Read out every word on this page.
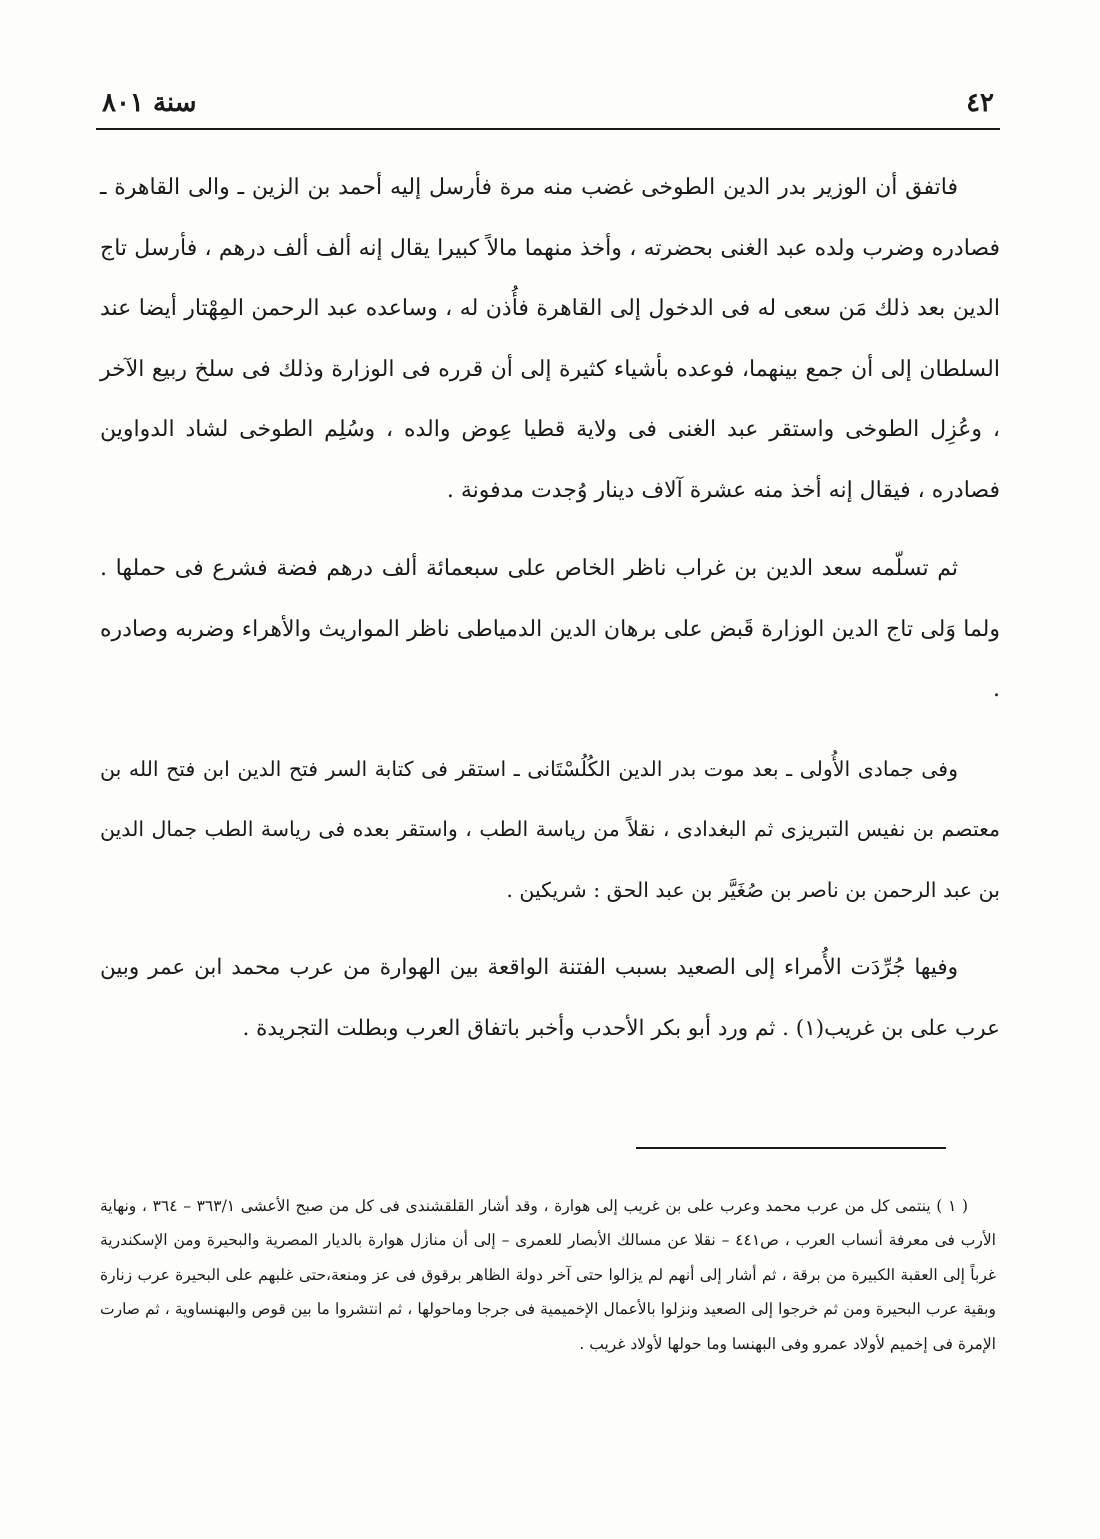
٤٢
سنة ٨٠١

فاتفق أن الوزير بدر الدين الطوخى غضب منه مرة فأرسل إليه أحمد بن الزين ـ والى القاهرة ـ فصادره وضرب ولده عبد الغنى بحضرته ، وأخذ منهما مالاً كبيرا يقال إنه ألف ألف درهم ، فأرسل تاج الدين بعد ذلك مَن سعى له فى الدخول إلى القاهرة فأُذن له ، وساعده عبد الرحمن المِهْتار أيضا عند السلطان إلى أن جمع بينهما، فوعده بأشياء كثيرة إلى أن قرره فى الوزارة وذلك فى سلخ ربيع الآخر ، وعُزِل الطوخى واستقر عبد الغنى فى ولاية قطيا عِوض والده ، وسُلِم الطوخى لشاد الدواوين فصادره ، فيقال إنه أخذ منه عشرة آلاف دينار وُجدت مدفونة .

ثم تسلّمه سعد الدين بن غراب ناظر الخاص على سبعمائة ألف درهم فضة فشرع فى حملها . ولما وَلى تاج الدين الوزارة قَبض على برهان الدين الدمياطى ناظر المواريث والأهراء وضربه وصادره .

وفى جمادى الأُولى ـ بعد موت بدر الدين الكُلُسْتَانى ـ استقر فى كتابة السر فتح الدين ابن فتح الله بن معتصم بن نفيس التبريزى ثم البغدادى ، نقلاً من رياسة الطب ، واستقر بعده فى رياسة الطب جمال الدين بن عبد الرحمن بن ناصر بن صُغَيَّر بن عبد الحق : شريكين .

وفيها جُرِّدَت الأُمراء إلى الصعيد بسبب الفتنة الواقعة بين الهوارة من عرب محمد ابن عمر وبين عرب على بن غريب(١) . ثم ورد أبو بكر الأحدب وأخبر باتفاق العرب وبطلت التجريدة .

( ١ ) ينتمى كل من عرب محمد وعرب على بن غريب إلى هوارة ، وقد أشار القلقشندى فى كل من صبح الأعشى ٣٦٣/١ – ٣٦٤ ، ونهاية الأرب فى معرفة أنساب العرب ، ص٤٤١ – نقلا عن مسالك الأبصار للعمرى – إلى أن منازل هوارة بالديار المصرية والبحيرة ومن الإسكندرية غرباً إلى العقبة الكبيرة من برقة ، ثم أشار إلى أنهم لم يزالوا حتى آخر دولة الظاهر برقوق فى عز ومنعة،حتى غلبهم على البحيرة عرب زنارة وبقية عرب البحيرة ومن ثم خرجوا إلى الصعيد ونزلوا بالأعمال الإخميمية فى جرجا وماحولها ، ثم انتشروا ما بين قوص والبهنساوية ، ثم صارت الإمرة فى إخميم لأولاد عمرو وفى البهنسا وما حولها لأولاد غريب .
